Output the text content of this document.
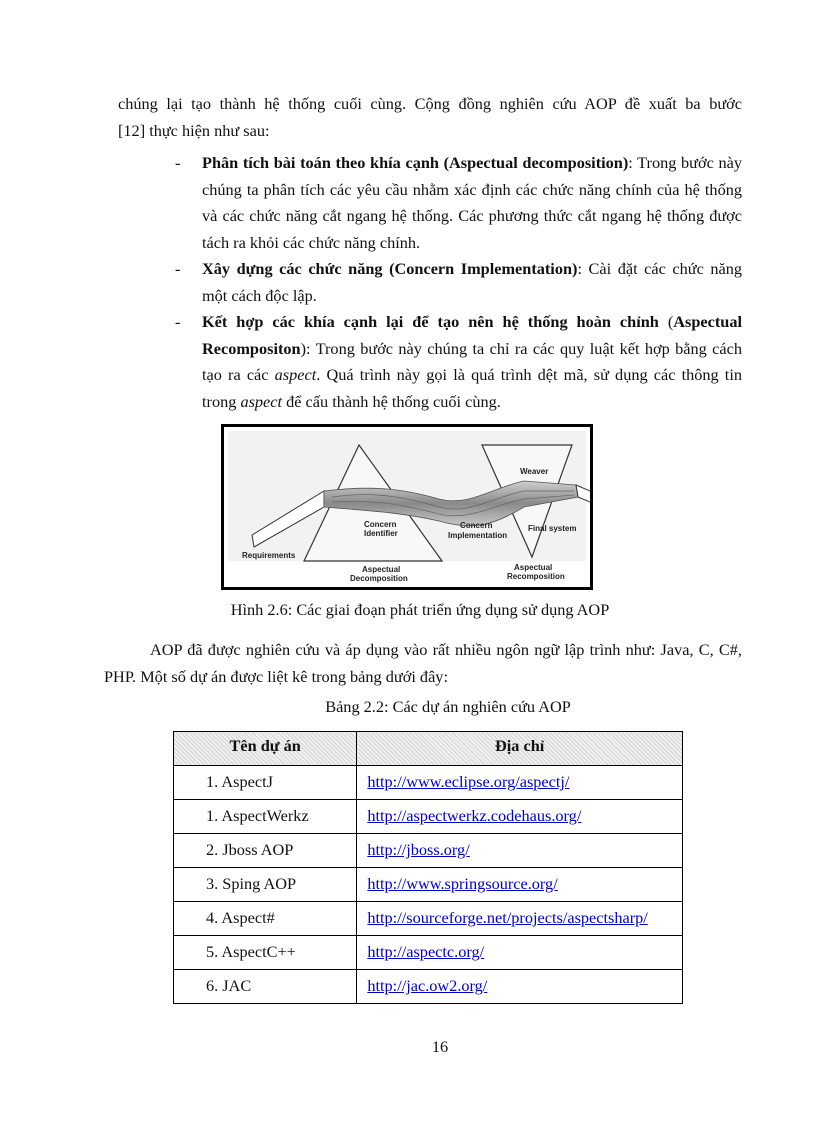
chúng lại tạo thành hệ thống cuối cùng. Cộng đồng nghiên cứu AOP đề xuất ba bước
[12] thực hiện như sau:
- Phân tích bài toán theo khía cạnh (Aspectual decomposition): Trong bước này chúng ta phân tích các yêu cầu nhằm xác định các chức năng chính của hệ thống và các chức năng cắt ngang hệ thống. Các phương thức cắt ngang hệ thống được tách ra khỏi các chức năng chính.
- Xây dựng các chức năng (Concern Implementation): Cài đặt các chức năng một cách độc lập.
- Kết hợp các khía cạnh lại để tạo nên hệ thống hoàn chỉnh (Aspectual Recompositon): Trong bước này chúng ta chỉ ra các quy luật kết hợp bằng cách tạo ra các aspect. Quá trình này gọi là quá trình dệt mã, sử dụng các thông tin trong aspect để cấu thành hệ thống cuối cùng.
Weaver
Concern
Identifier
Concern
Implementation
Final system
Requirements
Aspectual
Decomposition
Aspectual
Recomposition
Hình 2.6: Các giai đoạn phát triển ứng dụng sử dụng AOP
AOP đã được nghiên cứu và áp dụng vào rất nhiều ngôn ngữ lập trình như: Java, C, C#, PHP. Một số dự án được liệt kê trong bảng dưới đây:
Bảng 2.2: Các dự án nghiên cứu AOP
Tên dự án	Địa chỉ
1. AspectJ	http://www.eclipse.org/aspectj/
1. AspectWerkz	http://aspectwerkz.codehaus.org/
2. Jboss AOP	http://jboss.org/
3. Sping AOP	http://www.springsource.org/
4. Aspect#	http://sourceforge.net/projects/aspectsharp/
5. AspectC++	http://aspectc.org/
6. JAC	http://jac.ow2.org/
16
